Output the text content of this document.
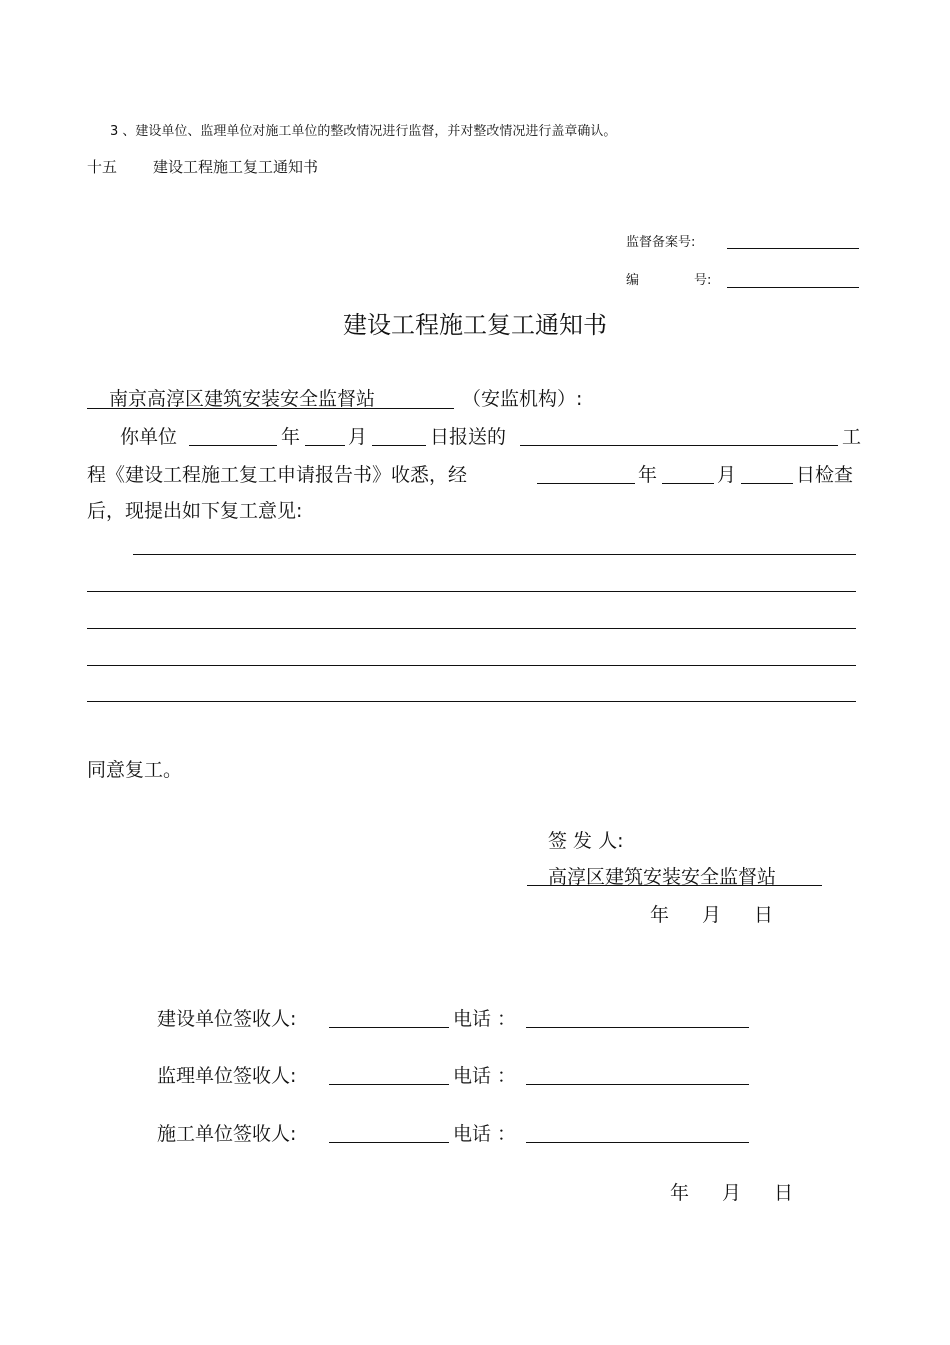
3 、建设单位、监理单位对施工单位的整改情况进行监督，并对整改情况进行盖章确认。
十五 建设工程施工复工通知书
监督备案号:
编	号:
建设工程施工复工通知书
南京高淳区建筑安装安全监督站	（安监机构）:
你单位	年	月	日报送的	工
程《建设工程施工复工申请报告书》收悉，经	年	月	日检查
后，现提出如下复工意见:
同意复工。
签 发 人:
高淳区建筑安装安全监督站
年 月 日
建设单位签收人:	电话 ：
监理单位签收人:	电话 ：
施工单位签收人:	电话 ：
年 月 日
